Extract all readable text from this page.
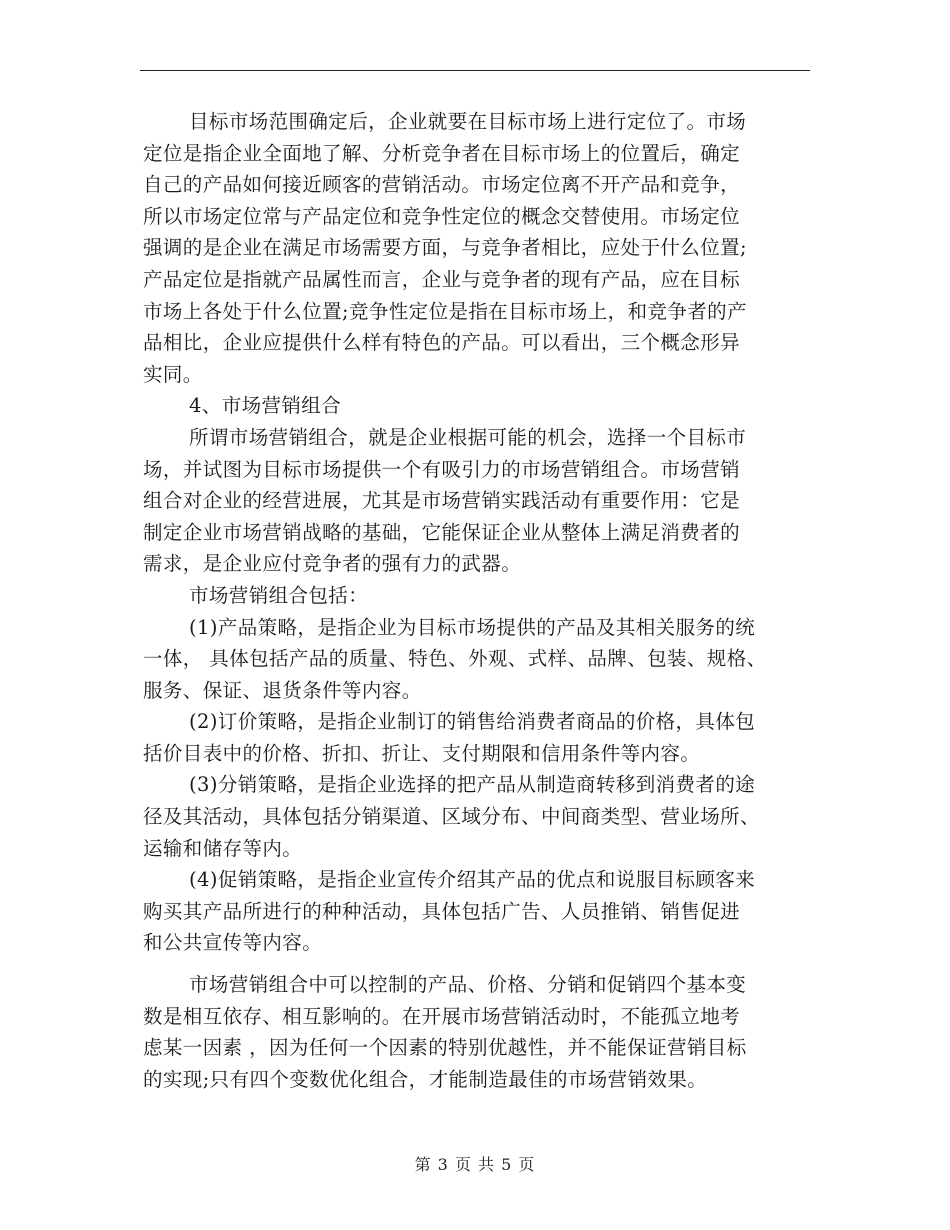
目标市场范围确定后，企业就要在目标市场上进行定位了。市场
定位是指企业全面地了解、分析竞争者在目标市场上的位置后，确定
自己的产品如何接近顾客的营销活动。市场定位离不开产品和竞争，
所以市场定位常与产品定位和竞争性定位的概念交替使用。市场定位
强调的是企业在满足市场需要方面，与竞争者相比，应处于什么位置;
产品定位是指就产品属性而言，企业与竞争者的现有产品，应在目标
市场上各处于什么位置;竞争性定位是指在目标市场上，和竞争者的产
品相比，企业应提供什么样有特色的产品。可以看出，三个概念形异
实同。
4、市场营销组合
所谓市场营销组合，就是企业根据可能的机会，选择一个目标市
场，并试图为目标市场提供一个有吸引力的市场营销组合。市场营销
组合对企业的经营进展，尤其是市场营销实践活动有重要作用：它是
制定企业市场营销战略的基础，它能保证企业从整体上满足消费者的
需求，是企业应付竞争者的强有力的武器。
市场营销组合包括：
(1)产品策略，是指企业为目标市场提供的产品及其相关服务的统
一体， 具体包括产品的质量、特色、外观、式样、品牌、包装、规格、
服务、保证、退货条件等内容。
(2)订价策略，是指企业制订的销售给消费者商品的价格，具体包
括价目表中的价格、折扣、折让、支付期限和信用条件等内容。
(3)分销策略，是指企业选择的把产品从制造商转移到消费者的途
径及其活动，具体包括分销渠道、区域分布、中间商类型、营业场所、
运输和储存等内。
(4)促销策略，是指企业宣传介绍其产品的优点和说服目标顾客来
购买其产品所进行的种种活动，具体包括广告、人员推销、销售促进
和公共宣传等内容。
市场营销组合中可以控制的产品、价格、分销和促销四个基本变
数是相互依存、相互影响的。在开展市场营销活动时，不能孤立地考
虑某一因素 ，因为任何一个因素的特别优越性，并不能保证营销目标
的实现;只有四个变数优化组合，才能制造最佳的市场营销效果。
第 3 页 共 5 页
